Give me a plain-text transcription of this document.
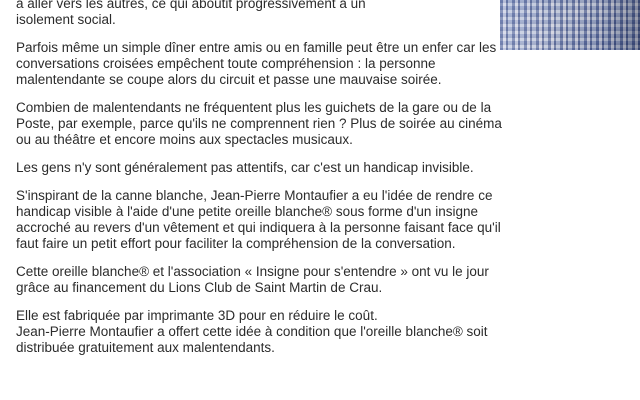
à aller vers les autres, ce qui aboutit progressivement à un
isolement social.

Parfois même un simple dîner entre amis ou en famille peut être un enfer car les
conversations croisées empêchent toute compréhension : la personne
malentendante se coupe alors du circuit et passe une mauvaise soirée.

Combien de malentendants ne fréquentent plus les guichets de la gare ou de la
Poste, par exemple, parce qu'ils ne comprennent rien ? Plus de soirée au cinéma
ou au théâtre et encore moins aux spectacles musicaux.

Les gens n'y sont généralement pas attentifs, car c'est un handicap invisible.

S'inspirant de la canne blanche, Jean-Pierre Montaufier a eu l'idée de rendre ce
handicap visible à l'aide d'une petite oreille blanche® sous forme d'un insigne
accroché au revers d'un vêtement et qui indiquera à la personne faisant face qu'il
faut faire un petit effort pour faciliter la compréhension de la conversation.

Cette oreille blanche® et l'association « Insigne pour s'entendre » ont vu le jour
grâce au financement du Lions Club de Saint Martin de Crau.

Elle est fabriquée par imprimante 3D pour en réduire le coût.
Jean-Pierre Montaufier a offert cette idée à condition que l'oreille blanche® soit
distribuée gratuitement aux malentendants.
